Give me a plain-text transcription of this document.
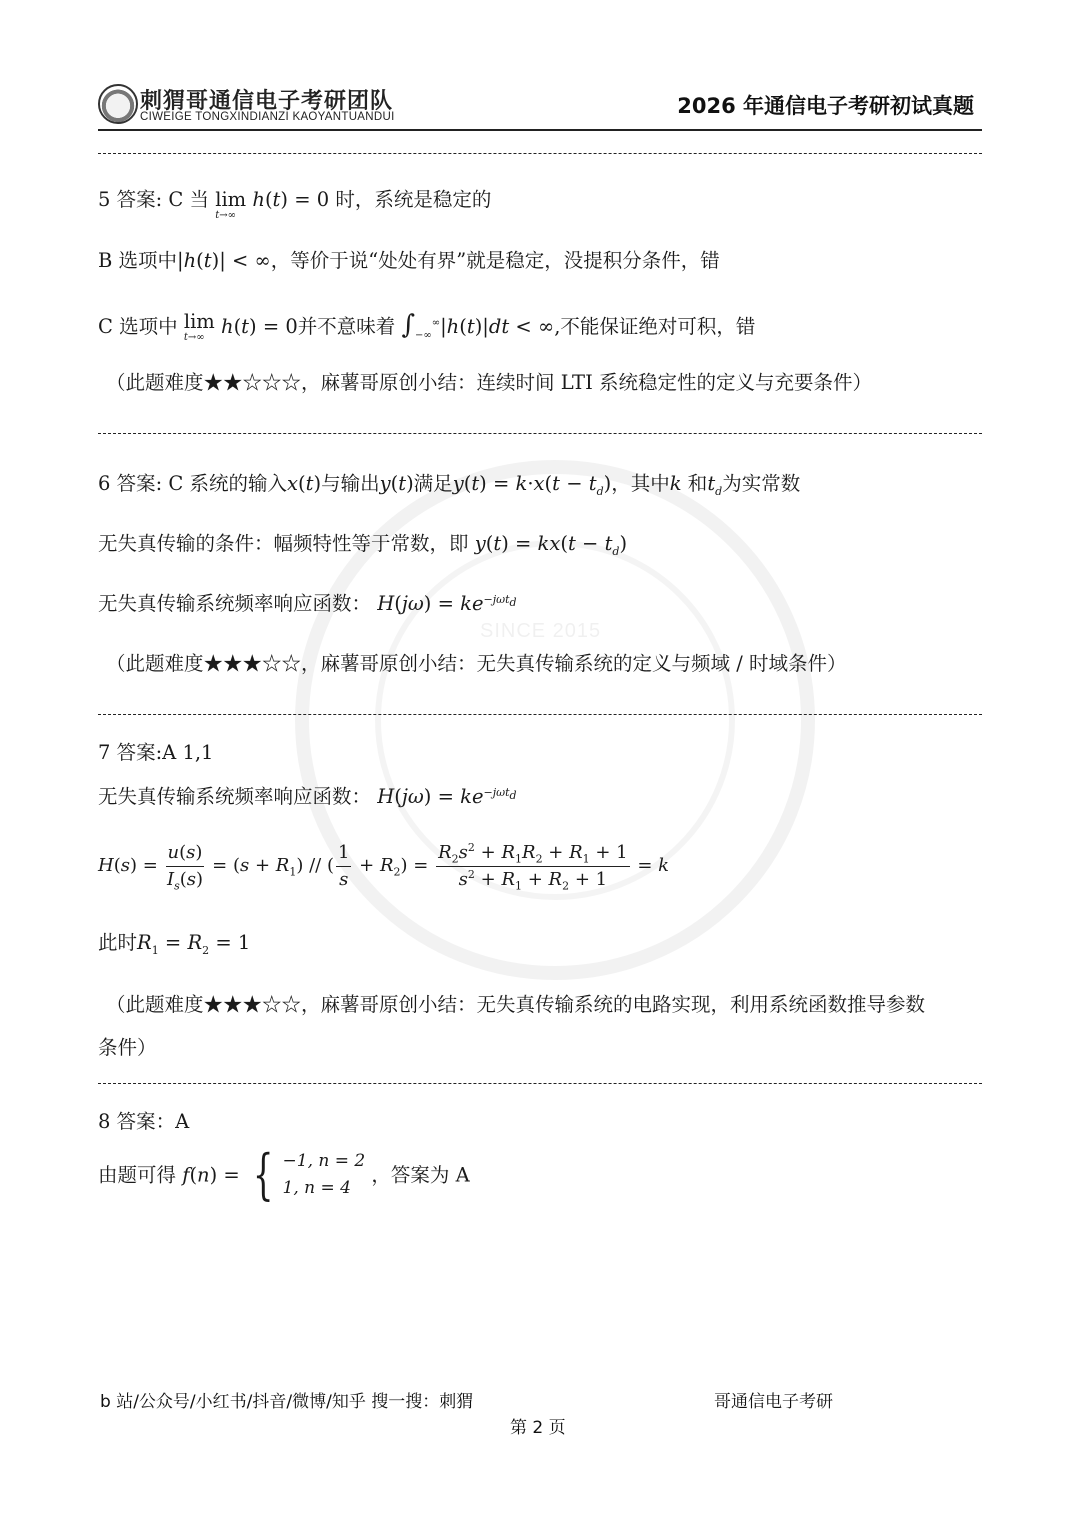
SINCE 2015
刺猬哥通信电子考研团队
CIWEIGE TONGXINDIANZI KAOYANTUANDUI	2026 年通信电子考研初试真题
5 答案: C 当 lim
t→∞
h(t) = 0 时，系统是稳定的
B 选项中|h(t)| < ∞，等价于说“处处有界”就是稳定，没提积分条件，错
C 选项中 lim
t→∞ h(t) = 0并不意味着 $\int_{-\infty}^\infty|h(t)|dt$ < ∞,不能保证绝对可积，错
（此题难度★★☆☆☆，麻薯哥原创小结：连续时间 LTI 系统稳定性的定义与充要条件）
6 答案: C 系统的输入x(t)与输出y(t)满足$y(t) = k\cdot x(t - t_d)$，其中k 和$t_d$为实常数
无失真传输的条件：幅频特性等于常数，即 $y(t) = kx(t - t_d)$
无失真传输系统频率响应函数： $H(j\omega) = ke^{-j\omega t_d}$
（此题难度★★★☆☆，麻薯哥原创小结：无失真传输系统的定义与频域 / 时域条件）
7 答案:A 1,1
无失真传输系统频率响应函数： $H(j\omega) = ke^{-j\omega t_d}$
$H(s) = \frac{u(s)}{I_s(s)} = (s + R_1)$ // ( $\frac{1}{s} + R_2) = \frac{R_2s^2 + R_1R_2 + R_1 + 1}{s^2 + R_1 + R_2 + 1} = k$
此时$R_1 = R_2 = 1$
（此题难度★★★☆☆，麻薯哥原创小结：无失真传输系统的电路实现，利用系统函数推导参数
条件）
8 答案：A
由题可得 f(n) = { −1, n = 2
1, n = 4
，答案为 A
b 站/公众号/小红书/抖音/微博/知乎 搜一搜：刺猬	哥通信电子考研
第 2 页
